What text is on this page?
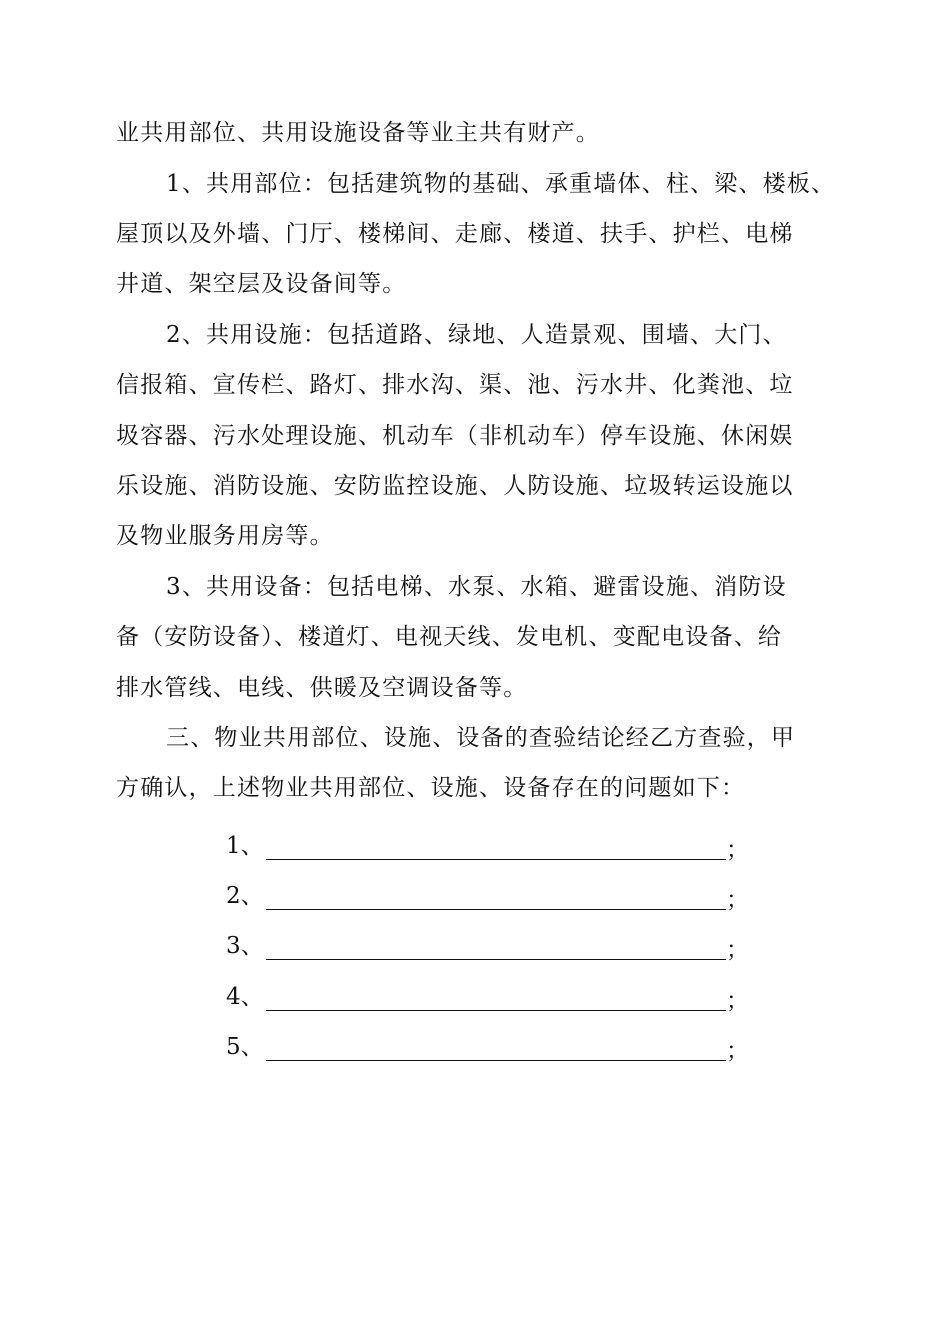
业共用部位、共用设施设备等业主共有财产。
1、共用部位：包括建筑物的基础、承重墙体、柱、梁、楼板、
屋顶以及外墙、门厅、楼梯间、走廊、楼道、扶手、护栏、电梯
井道、架空层及设备间等。
2、共用设施：包括道路、绿地、人造景观、围墙、大门、
信报箱、宣传栏、路灯、排水沟、渠、池、污水井、化粪池、垃
圾容器、污水处理设施、机动车（非机动车）停车设施、休闲娱
乐设施、消防设施、安防监控设施、人防设施、垃圾转运设施以
及物业服务用房等。
3、共用设备：包括电梯、水泵、水箱、避雷设施、消防设
备（安防设备）、楼道灯、电视天线、发电机、变配电设备、给
排水管线、电线、供暖及空调设备等。
三、物业共用部位、设施、设备的查验结论经乙方查验，甲
方确认，上述物业共用部位、设施、设备存在的问题如下：
1、	；
2、	；
3、	；
4、	；
5、	；
